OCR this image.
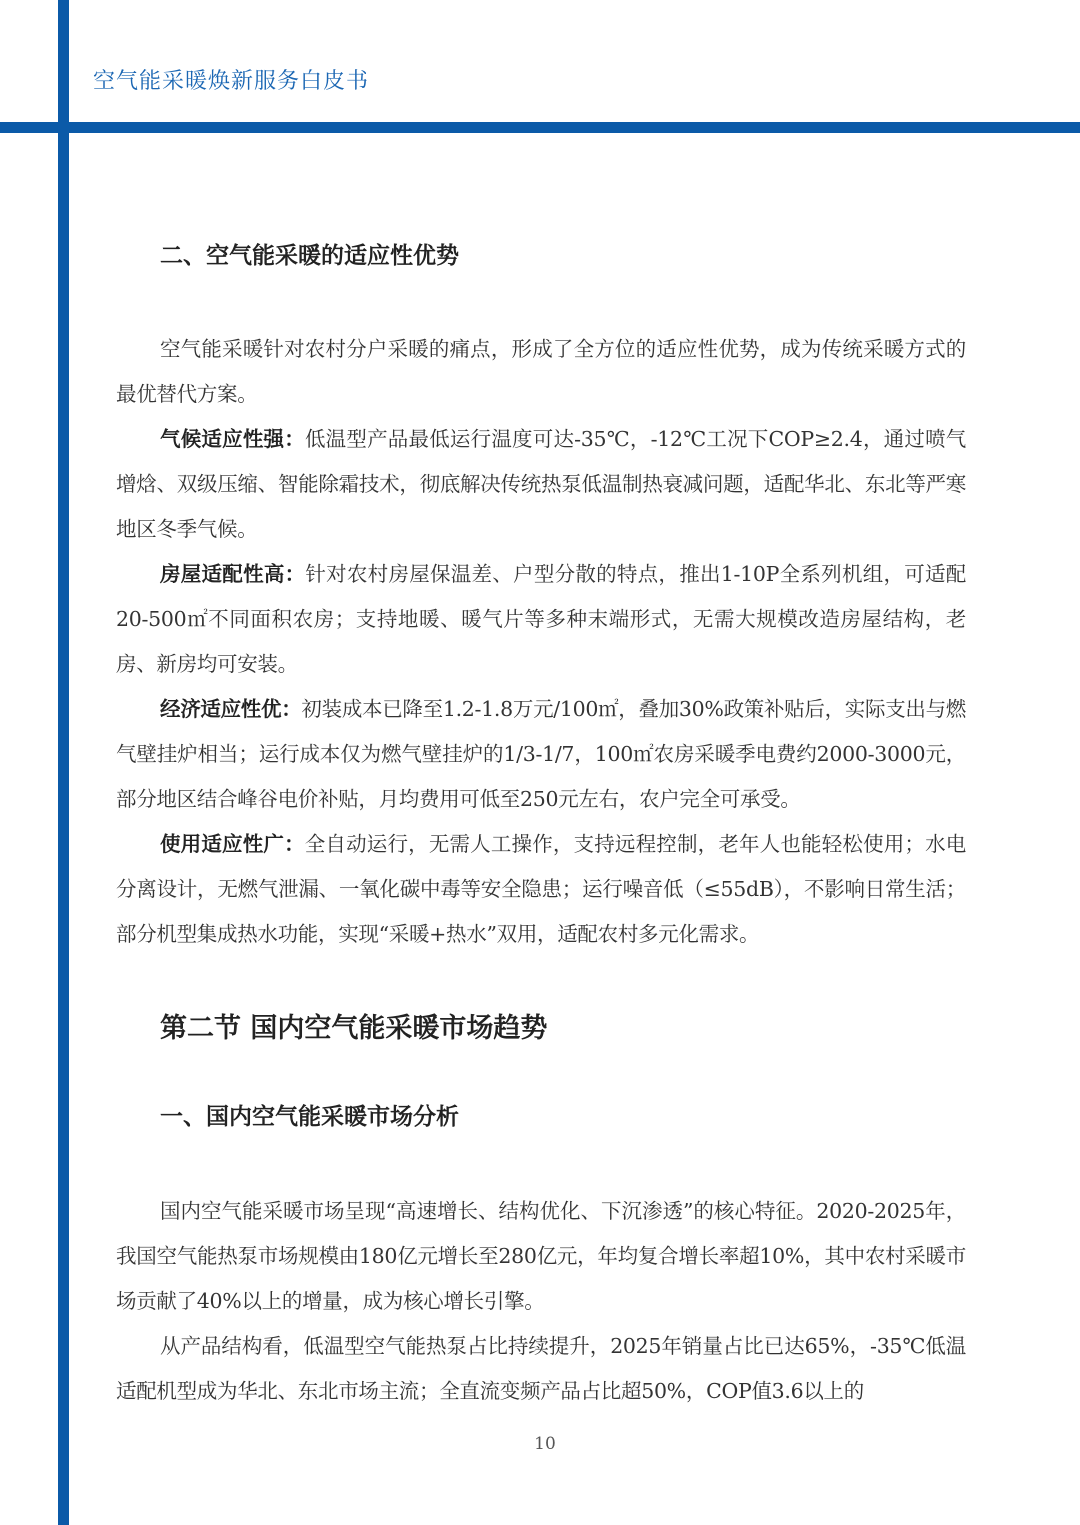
空气能采暖焕新服务白皮书
二、空气能采暖的适应性优势

空气能采暖针对农村分户采暖的痛点，形成了全方位的适应性优势，成为传统采暖方式的最优替代方案。

气候适应性强：低温型产品最低运行温度可达-35℃，-12℃工况下COP≥2.4，通过喷气增焓、双级压缩、智能除霜技术，彻底解决传统热泵低温制热衰减问题，适配华北、东北等严寒地区冬季气候。

房屋适配性高：针对农村房屋保温差、户型分散的特点，推出1-10P全系列机组，可适配20-500㎡不同面积农房；支持地暖、暖气片等多种末端形式，无需大规模改造房屋结构，老房、新房均可安装。

经济适应性优：初装成本已降至1.2-1.8万元/100㎡，叠加30%政策补贴后，实际支出与燃气壁挂炉相当；运行成本仅为燃气壁挂炉的1/3-1/7，100㎡农房采暖季电费约2000-3000元，部分地区结合峰谷电价补贴，月均费用可低至250元左右，农户完全可承受。

使用适应性广：全自动运行，无需人工操作，支持远程控制，老年人也能轻松使用；水电分离设计，无燃气泄漏、一氧化碳中毒等安全隐患；运行噪音低（≤55dB），不影响日常生活；部分机型集成热水功能，实现“采暖+热水”双用，适配农村多元化需求。

第二节 国内空气能采暖市场趋势
一、国内空气能采暖市场分析

国内空气能采暖市场呈现“高速增长、结构优化、下沉渗透”的核心特征。2020-2025年，我国空气能热泵市场规模由180亿元增长至280亿元，年均复合增长率超10%，其中农村采暖市场贡献了40%以上的增量，成为核心增长引擎。

从产品结构看，低温型空气能热泵占比持续提升，2025年销量占比已达65%，-35℃低温适配机型成为华北、东北市场主流；全直流变频产品占比超50%，COP值3.6以上的

10
